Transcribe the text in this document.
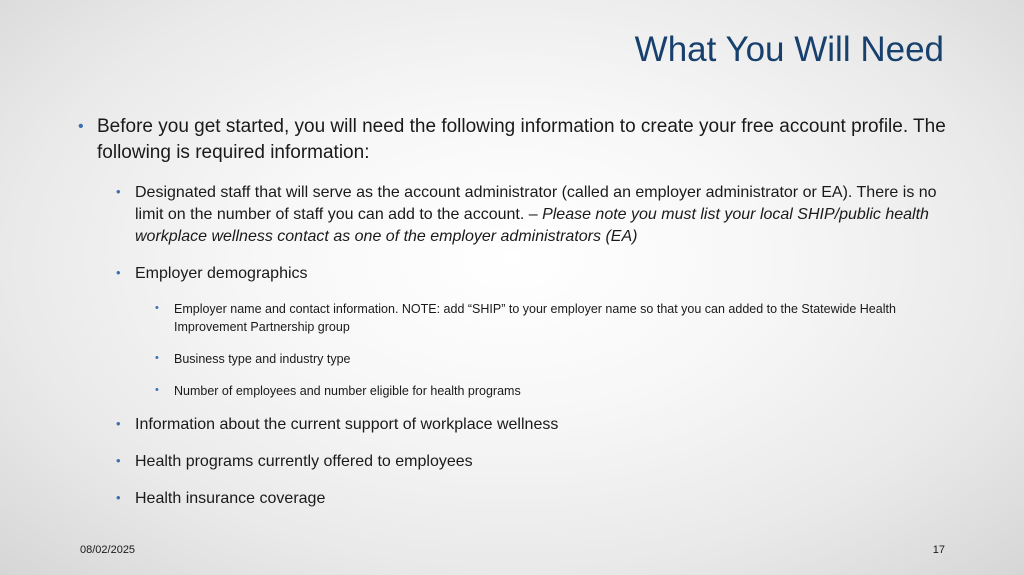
What You Will Need
• Before you get started, you will need the following information to create your free account profile. The following is required information:
• Designated staff that will serve as the account administrator (called an employer administrator or EA). There is no limit on the number of staff you can add to the account. – Please note you must list your local SHIP/public health workplace wellness contact as one of the employer administrators (EA)
• Employer demographics
• Employer name and contact information. NOTE: add “SHIP” to your employer name so that you can added to the Statewide Health Improvement Partnership group
• Business type and industry type
• Number of employees and number eligible for health programs
• Information about the current support of workplace wellness
• Health programs currently offered to employees
• Health insurance coverage
08/02/2025	17
